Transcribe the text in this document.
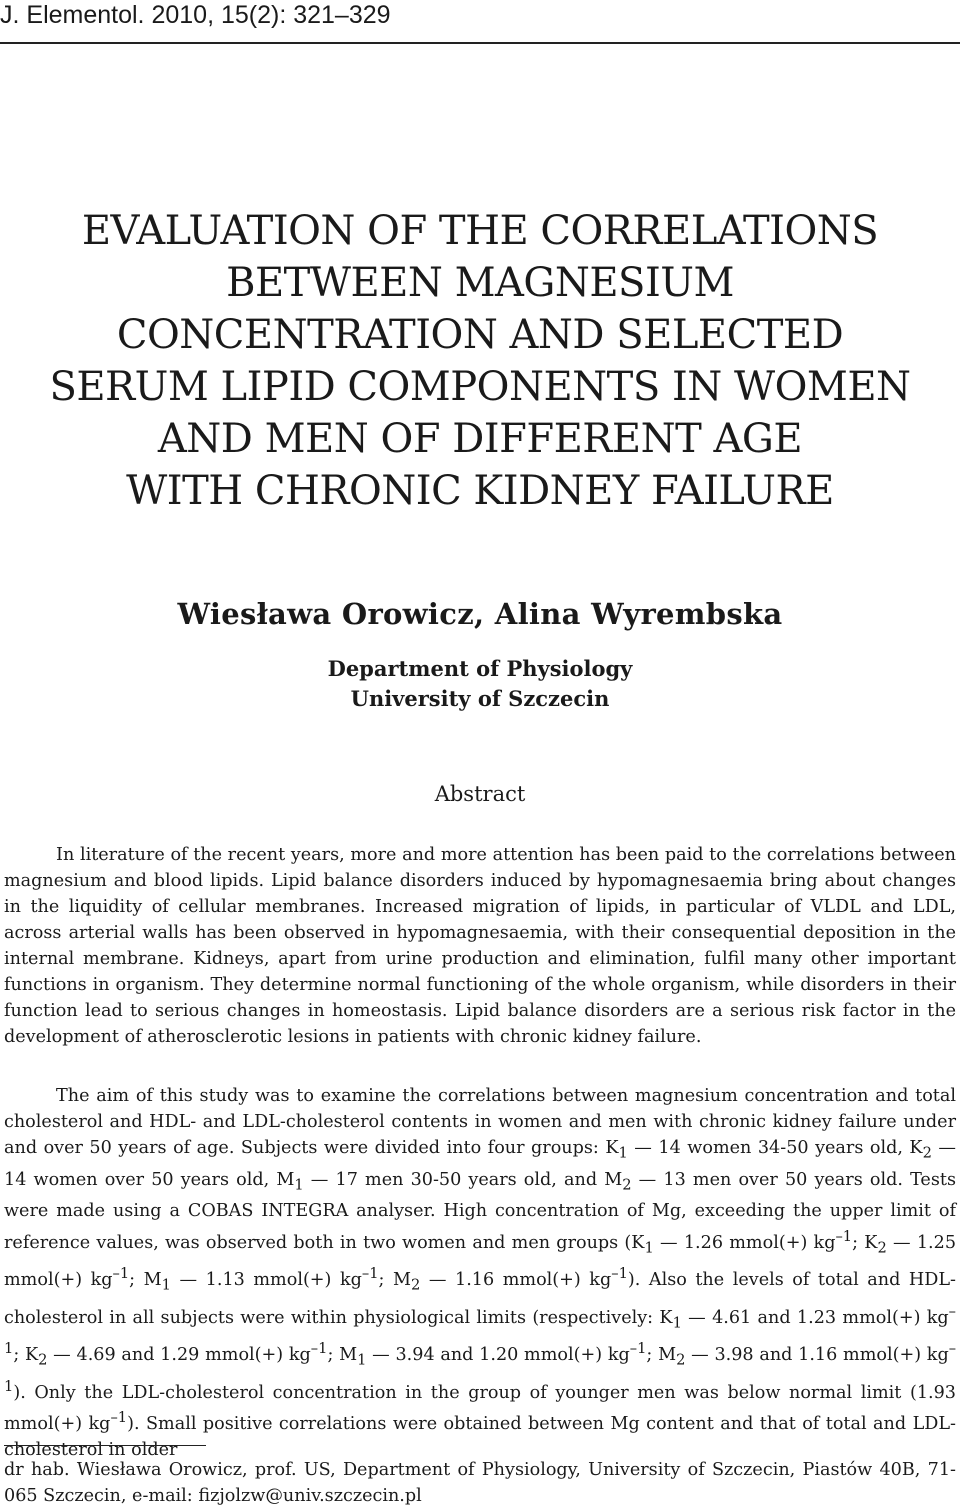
J. Elementol. 2010, 15(2): 321–329
EVALUATION OF THE CORRELATIONS
BETWEEN MAGNESIUM
CONCENTRATION AND SELECTED
SERUM LIPID COMPONENTS IN WOMEN
AND MEN OF DIFFERENT AGE
WITH CHRONIC KIDNEY FAILURE
Wiesława Orowicz, Alina Wyrembska
Department of Physiology
University of Szczecin
Abstract

In literature of the recent years, more and more attention has been paid to the correlations between magnesium and blood lipids. Lipid balance disorders induced by hypomagnesaemia bring about changes in the liquidity of cellular membranes. Increased migration of lipids, in particular of VLDL and LDL, across arterial walls has been observed in hypomagnesaemia, with their consequential deposition in the internal membrane. Kidneys, apart from urine production and elimination, fulfil many other important functions in organism. They determine normal functioning of the whole organism, while disorders in their function lead to serious changes in homeostasis. Lipid balance disorders are a serious risk factor in the development of atherosclerotic lesions in patients with chronic kidney failure.

The aim of this study was to examine the correlations between magnesium concentration and total cholesterol and HDL- and LDL-cholesterol contents in women and men with chronic kidney failure under and over 50 years of age. Subjects were divided into four groups: $K_1$ — 14 women 34-50 years old, $K_2$ — 14 women over 50 years old, $M_1$ — 17 men 30-50 years old, and $M_2$ — 13 men over 50 years old. Tests were made using a COBAS INTEGRA analyser. High concentration of Mg, exceeding the upper limit of reference values, was observed both in two women and men groups ($K_1$ — 1.26 mmol(+) $kg^{-1}$; $K_2$ — 1.25 mmol(+) $kg^{-1}$; $M_1$ — 1.13 mmol(+) $kg^{-1}$; $M_2$ — 1.16 mmol(+) $kg^{-1}$). Also the levels of total and HDL-cholesterol in all subjects were within physiological limits (respectively: $K_1$ — 4.61 and 1.23 mmol(+) $kg^{-1}$; $K_2$ — 4.69 and 1.29 mmol(+) $kg^{-1}$; $M_1$ — 3.94 and 1.20 mmol(+) $kg^{-1}$; $M_2$ — 3.98 and 1.16 mmol(+) $kg^{-1}$). Only the LDL-cholesterol concentration in the group of younger men was below normal limit (1.93 mmol(+) $kg^{-1}$). Small positive correlations were obtained between Mg content and that of total and LDL-cholesterol in older

dr hab. Wiesława Orowicz, prof. US, Department of Physiology, University of Szczecin, Piastów 40B, 71-065 Szczecin, e-mail: fizjolzw@univ.szczecin.pl
